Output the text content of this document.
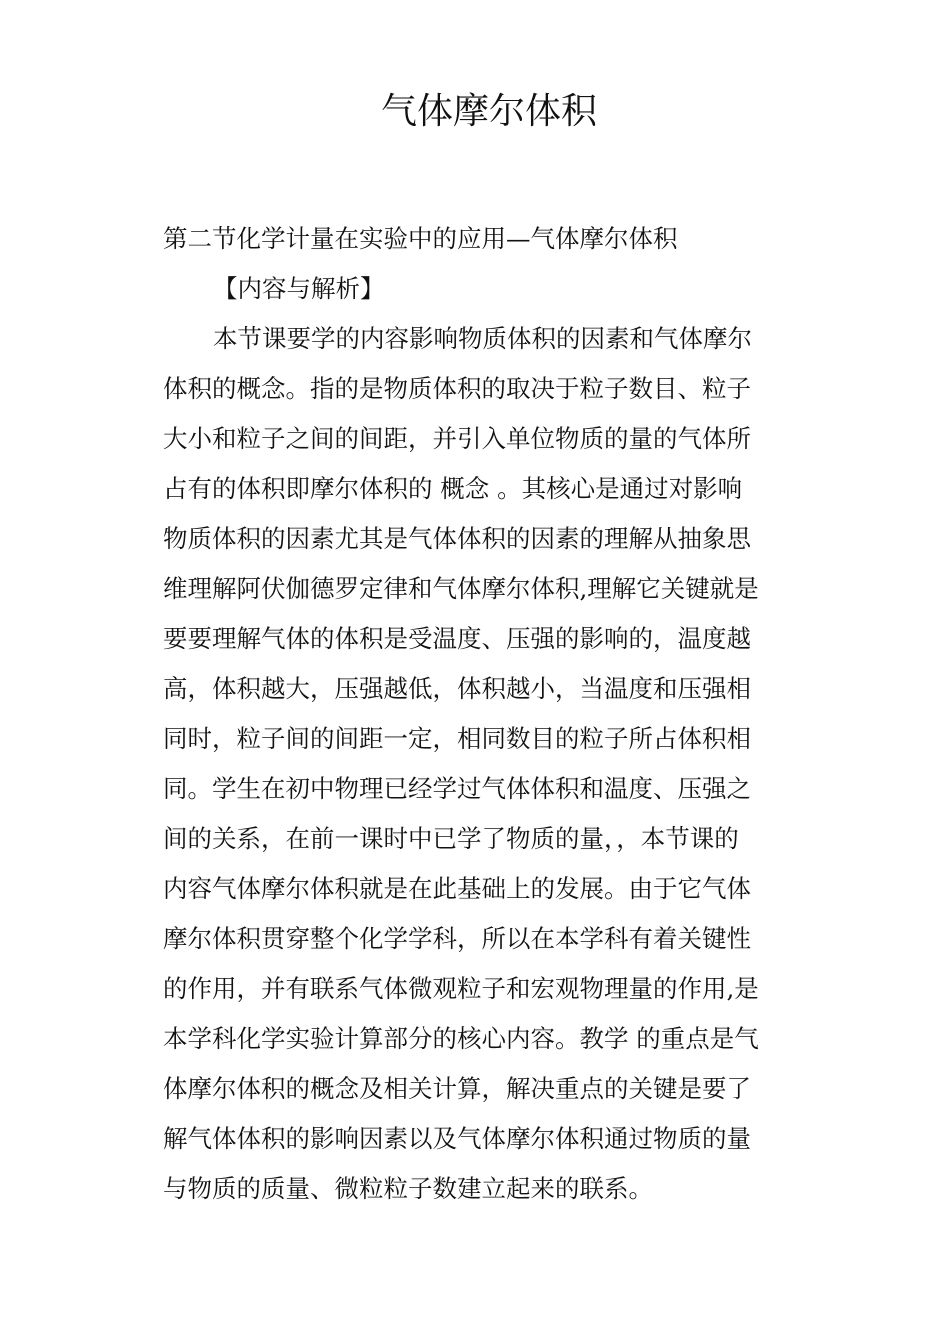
气体摩尔体积

第二节化学计量在实验中的应用—气体摩尔体积

【内容与解析】

本节课要学的内容影响物质体积的因素和气体摩尔
体积的概念。指的是物质体积的取决于粒子数目、粒子
大小和粒子之间的间距，并引入单位物质的量的气体所
占有的体积即摩尔体积的 概念 。其核心是通过对影响
物质体积的因素尤其是气体体积的因素的理解从抽象思
维理解阿伏伽德罗定律和气体摩尔体积,理解它关键就是
要要理解气体的体积是受温度、压强的影响的，温度越
高，体积越大，压强越低，体积越小，当温度和压强相
同时，粒子间的间距一定，相同数目的粒子所占体积相
同。学生在初中物理已经学过气体体积和温度、压强之
间的关系，在前一课时中已学了物质的量，，本节课的
内容气体摩尔体积就是在此基础上的发展。由于它气体
摩尔体积贯穿整个化学学科，所以在本学科有着关键性
的作用，并有联系气体微观粒子和宏观物理量的作用,是
本学科化学实验计算部分的核心内容。教学 的重点是气
体摩尔体积的概念及相关计算，解决重点的关键是要了
解气体体积的影响因素以及气体摩尔体积通过物质的量
与物质的质量、微粒粒子数建立起来的联系。
